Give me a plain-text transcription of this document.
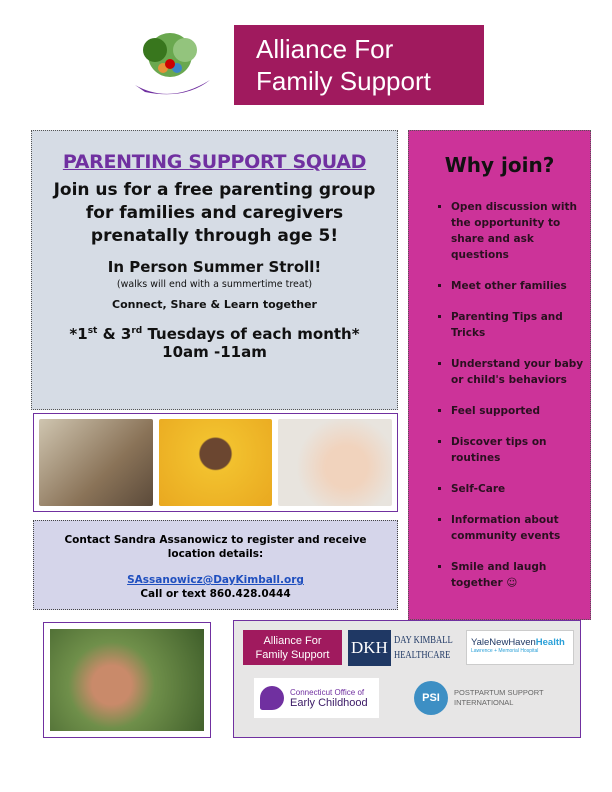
Alliance For
Family Support
PARENTING SUPPORT SQUAD
Join us for a free parenting group
for families and caregivers
prenatally through age 5!
In Person Summer Stroll!
(walks will end with a summertime treat)
Connect, Share & Learn together
*1st & 3rd Tuesdays of each month*
10am -11am
Why join?
▪ Open discussion with the opportunity to share and ask questions
▪ Meet other families
▪ Parenting Tips and Tricks
▪ Understand your baby or child's behaviors
▪ Feel supported
▪ Discover tips on routines
▪ Self-Care
▪ Information about community events
▪ Smile and laugh together ☺
Contact Sandra Assanowicz to register and receive location details:
SAssanowicz@DayKimball.org
Call or text 860.428.0444
Alliance For
Family Support	DKH DAY KIMBALL
HEALTHCARE
YaleNewHavenHealth
Lawrence + Memorial Hospital
Connecticut Office of
Early Childhood	PSI	POSTPARTUM SUPPORT
INTERNATIONAL
